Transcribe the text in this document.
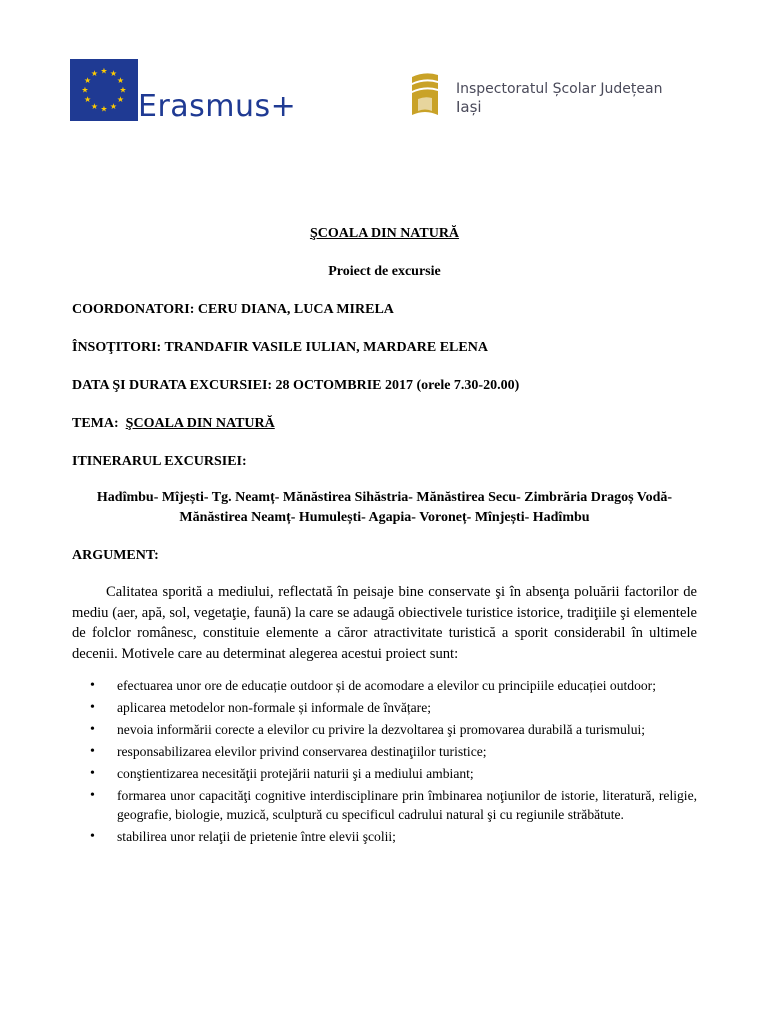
★ ★
★
★
★
★
★
★
★
★
★
★
Erasmus+	Inspectoratul Școlar Județean
Iași
ŞCOALA DIN NATURĂ
Proiect de excursie
COORDONATORI: CERU DIANA, LUCA MIRELA
ÎNSOŢITORI: TRANDAFIR VASILE IULIAN, MARDARE ELENA
DATA ŞI DURATA EXCURSIEI: 28 OCTOMBRIE 2017 (orele 7.30-20.00)
TEMA: ŞCOALA DIN NATURĂ
ITINERARUL EXCURSIEI:
Hadîmbu- Mîjești- Tg. Neamț- Mănăstirea Sihăstria- Mănăstirea Secu- Zimbrăria Dragoș Vodă-
Mănăstirea Neamț- Humulești- Agapia- Voroneț- Mînjești- Hadîmbu
ARGUMENT:
Calitatea sporită a mediului, reflectată în peisaje bine conservate şi în absenţa poluării factorilor de mediu (aer, apă, sol, vegetaţie, faună) la care se adaugă obiectivele turistice istorice, tradiţiile şi elementele de folclor românesc, constituie elemente a căror atractivitate turistică a sporit considerabil în ultimele decenii. Motivele care au determinat alegerea acestui proiect sunt:
• efectuarea unor ore de educație outdoor și de acomodare a elevilor cu principiile educației outdoor;
• aplicarea metodelor non-formale și informale de învățare;
• nevoia informării corecte a elevilor cu privire la dezvoltarea şi promovarea durabilă a turismului;
• responsabilizarea elevilor privind conservarea destinaţiilor turistice;
• conştientizarea necesităţii protejării naturii şi a mediului ambiant;
• formarea unor capacităţi cognitive interdisciplinare prin îmbinarea noţiunilor de istorie, literatură, religie, geografie, biologie, muzică, sculptură cu specificul cadrului natural şi cu regiunile străbătute.
• stabilirea unor relaţii de prietenie între elevii şcolii;
